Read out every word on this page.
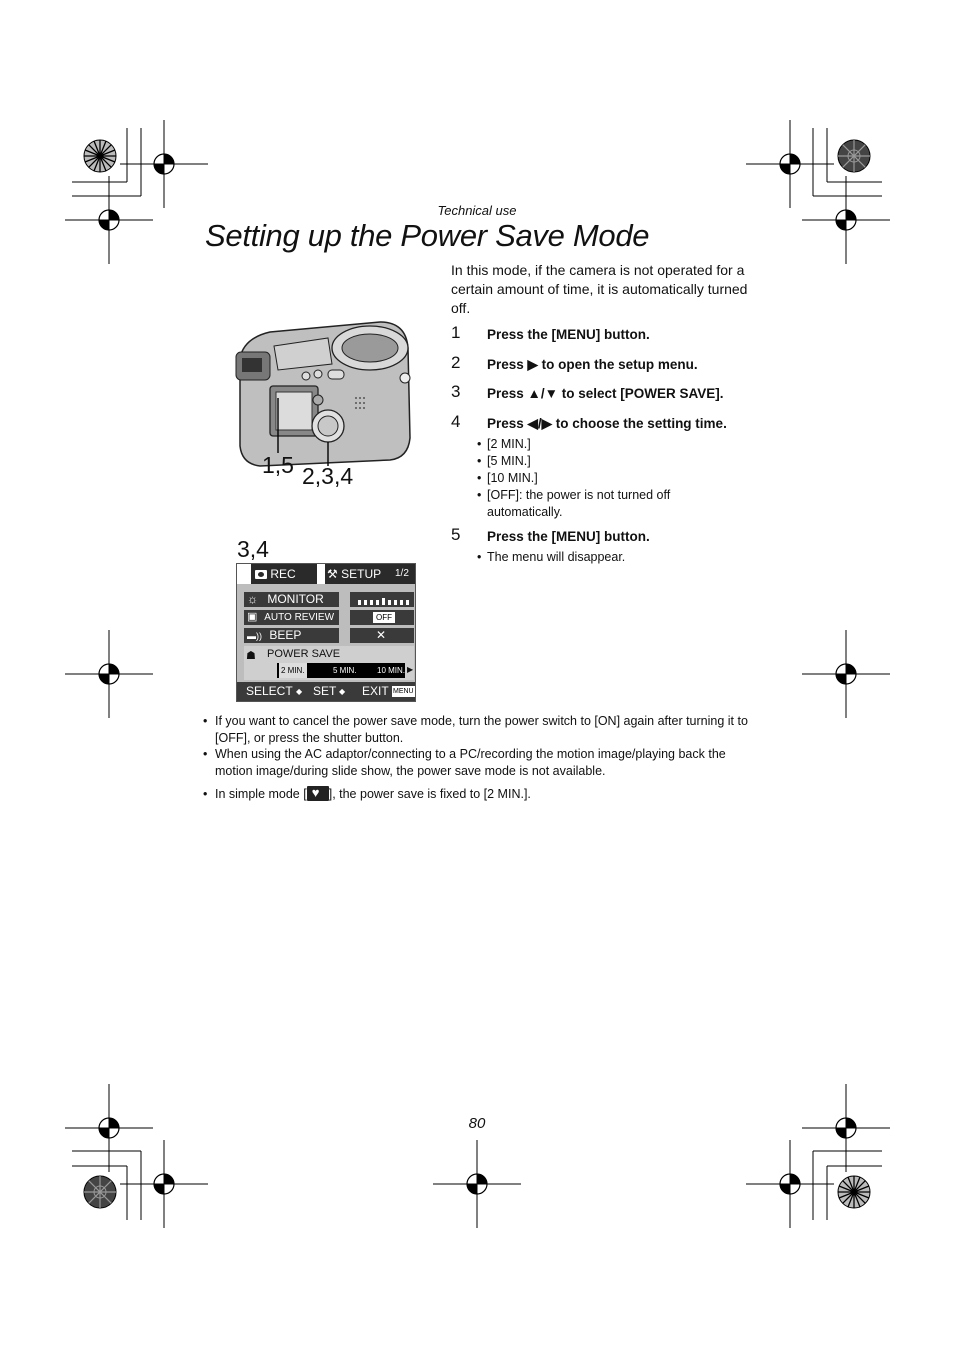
Technical use
Setting up the Power Save Mode
In this mode, if the camera is not operated for a certain amount of time, it is automatically turned off.
1 Press the [MENU] button.
2 Press ▶ to open the setup menu.
3 Press ▲/▼ to select [POWER SAVE].
4 Press ◀/▶ to choose the setting time.
• [2 MIN.]
• [5 MIN.]
• [10 MIN.]
• [OFF]: the power is not turned off automatically.
5 Press the [MENU] button.
• The menu will disappear.
1,5 2,3,4
3,4
REC	⚒ SETUP 1/2
☼ MONITOR
▣ AUTO REVIEW	OFF
▬)) BEEP	✕
☗ POWER SAVE
2 MIN.	5 MIN.	10 MIN. ▶
SELECT ◆ SET ◆ EXIT MENU
• If you want to cancel the power save mode, turn the power switch to [ON] again after turning it to [OFF], or press the shutter button.
• When using the AC adaptor/connecting to a PC/recording the motion image/playing back the motion image/during slide show, the power save mode is not available.
• In simple mode [ ♥ ], the power save is fixed to [2 MIN.].
80
